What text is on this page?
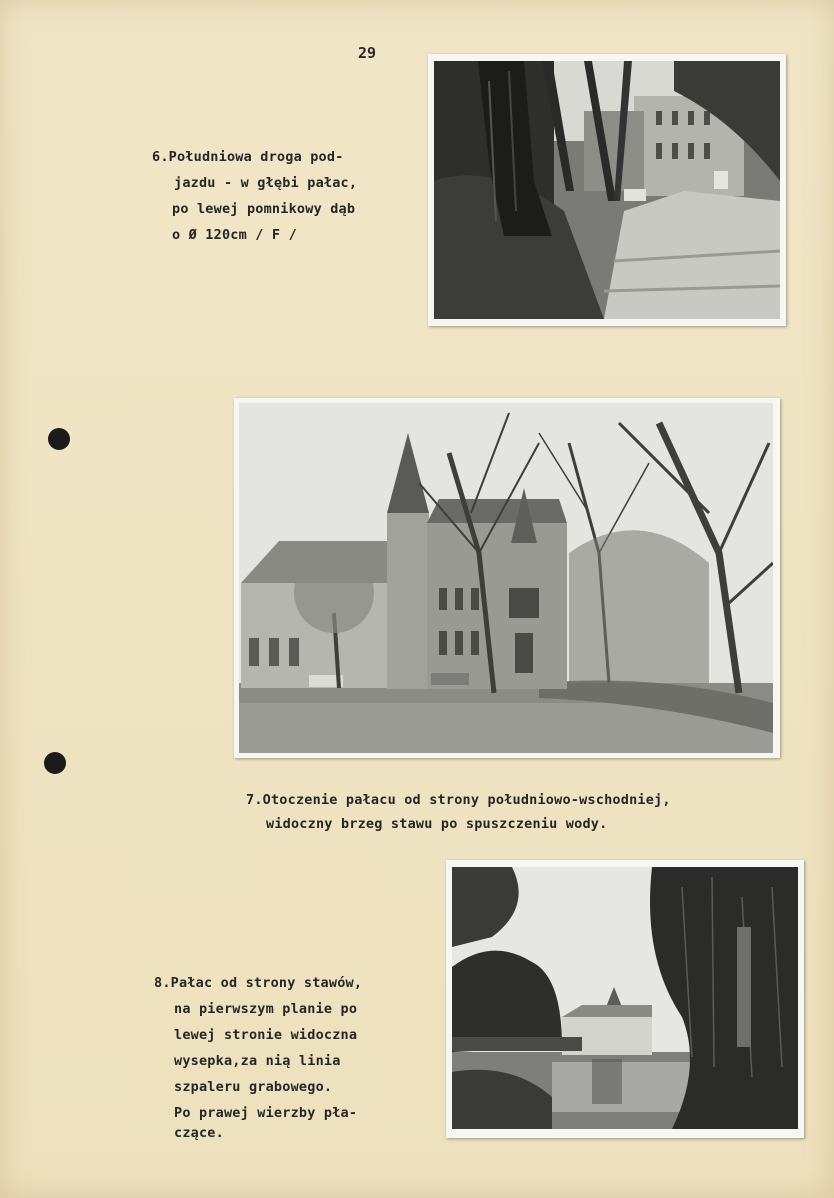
29
6.Południowa droga pod-
jazdu - w głębi pałac,
po lewej pomnikowy dąb
o Ø 120cm / F /
7.Otoczenie pałacu od strony południowo-wschodniej,
widoczny brzeg stawu po spuszczeniu wody.
8.Pałac od strony stawów,
na pierwszym planie po
lewej stronie widoczna
wysepka,za nią linia
szpaleru grabowego.
Po prawej wierzby pła-
czące.
